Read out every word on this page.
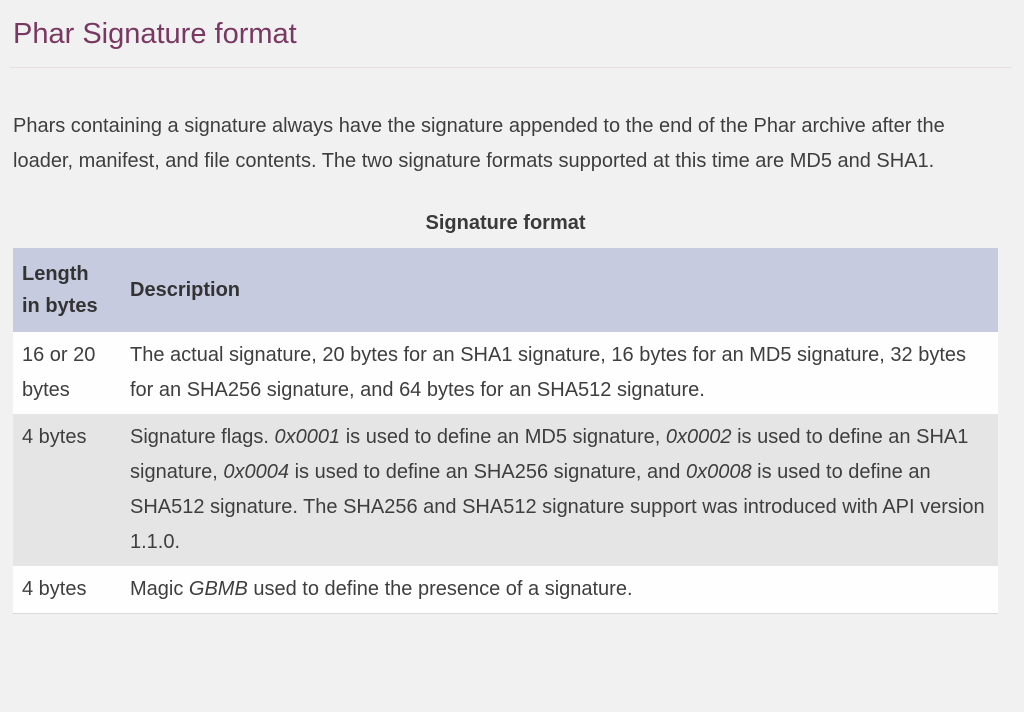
Phar Signature format

Phars containing a signature always have the signature appended to the end of the Phar archive after the loader, manifest, and file contents. The two signature formats supported at this time are MD5 and SHA1.

Signature format
Length in bytes	Description
16 or 20 bytes	The actual signature, 20 bytes for an SHA1 signature, 16 bytes for an MD5 signature, 32 bytes for an SHA256 signature, and 64 bytes for an SHA512 signature.
4 bytes	Signature flags. 0x0001 is used to define an MD5 signature, 0x0002 is used to define an SHA1 signature, 0x0004 is used to define an SHA256 signature, and 0x0008 is used to define an SHA512 signature. The SHA256 and SHA512 signature support was introduced with API version 1.1.0.
4 bytes	Magic GBMB used to define the presence of a signature.
